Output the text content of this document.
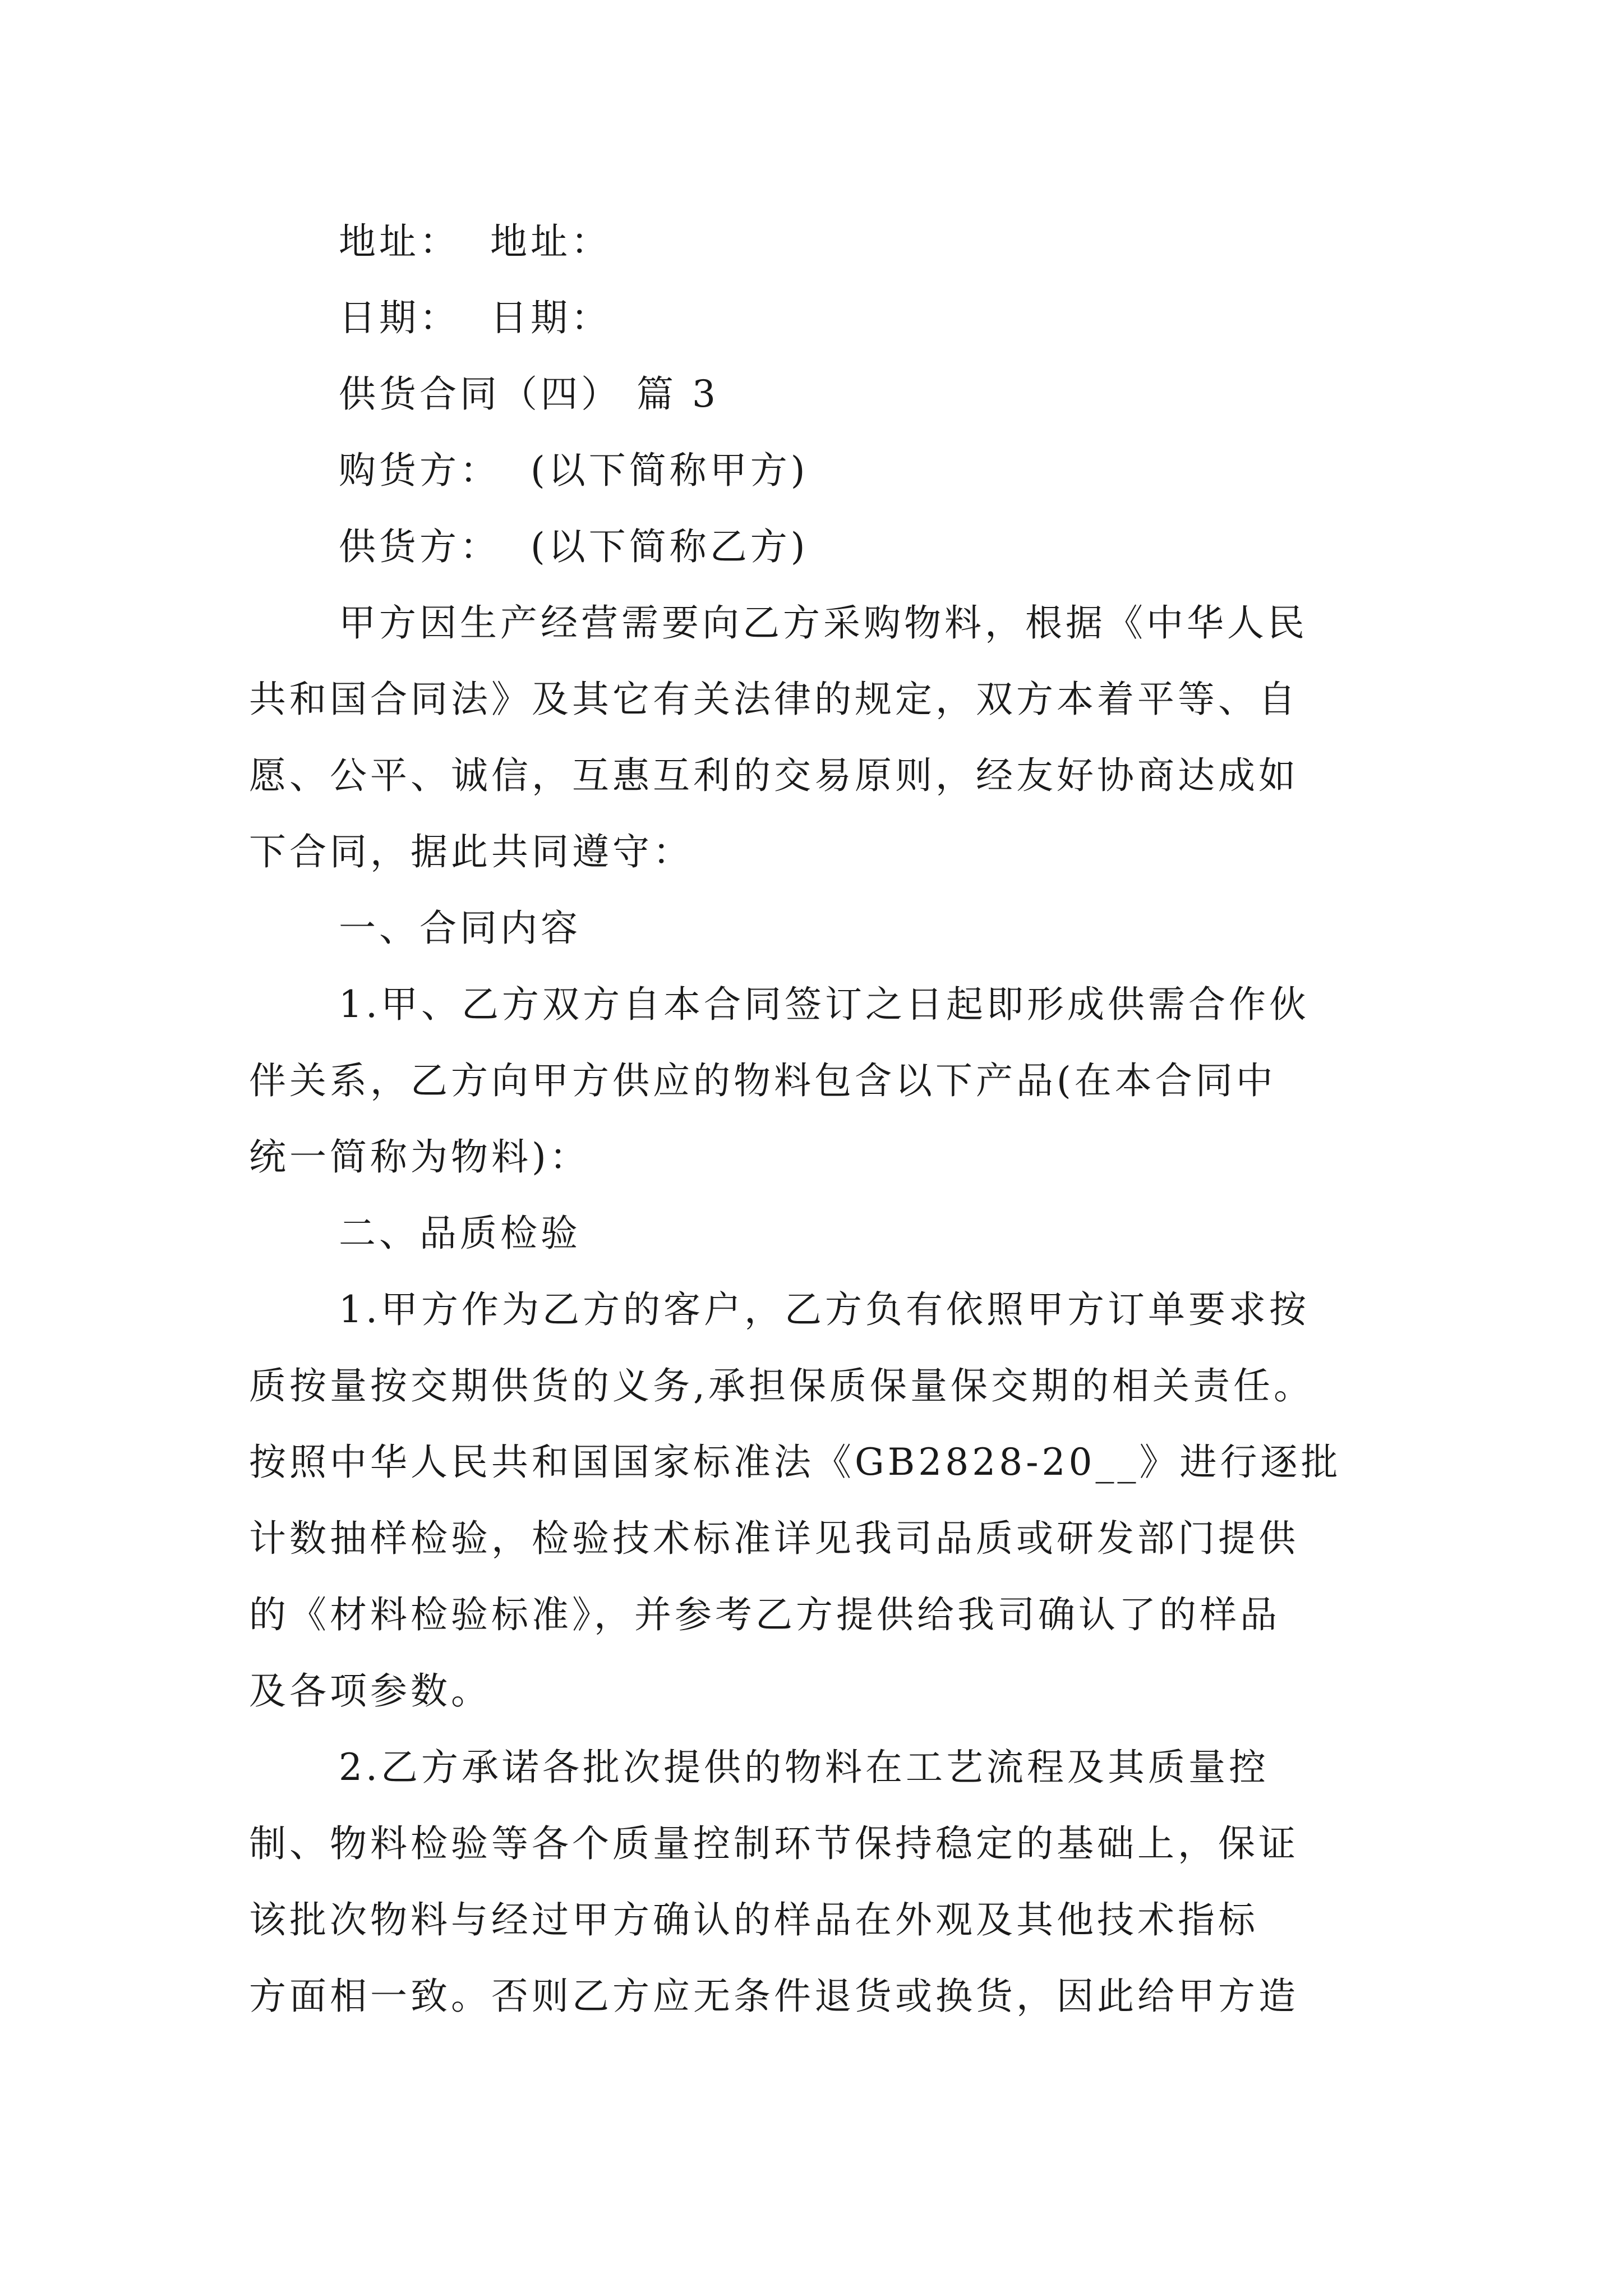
地址：  地址：
日期：  日期：
供货合同（四） 篇 3
购货方：  (以下简称甲方)
供货方：  (以下简称乙方)
甲方因生产经营需要向乙方采购物料，根据《中华人民
共和国合同法》及其它有关法律的规定，双方本着平等、自
愿、公平、诚信，互惠互利的交易原则，经友好协商达成如
下合同，据此共同遵守：
一、合同内容
1.甲、乙方双方自本合同签订之日起即形成供需合作伙
伴关系，乙方向甲方供应的物料包含以下产品(在本合同中
统一简称为物料)：
二、品质检验
1.甲方作为乙方的客户，乙方负有依照甲方订单要求按
质按量按交期供货的义务,承担保质保量保交期的相关责任。
按照中华人民共和国国家标准法《GB2828-20__》进行逐批
计数抽样检验，检验技术标准详见我司品质或研发部门提供
的《材料检验标准》，并参考乙方提供给我司确认了的样品
及各项参数。
2.乙方承诺各批次提供的物料在工艺流程及其质量控
制、物料检验等各个质量控制环节保持稳定的基础上，保证
该批次物料与经过甲方确认的样品在外观及其他技术指标
方面相一致。否则乙方应无条件退货或换货，因此给甲方造
